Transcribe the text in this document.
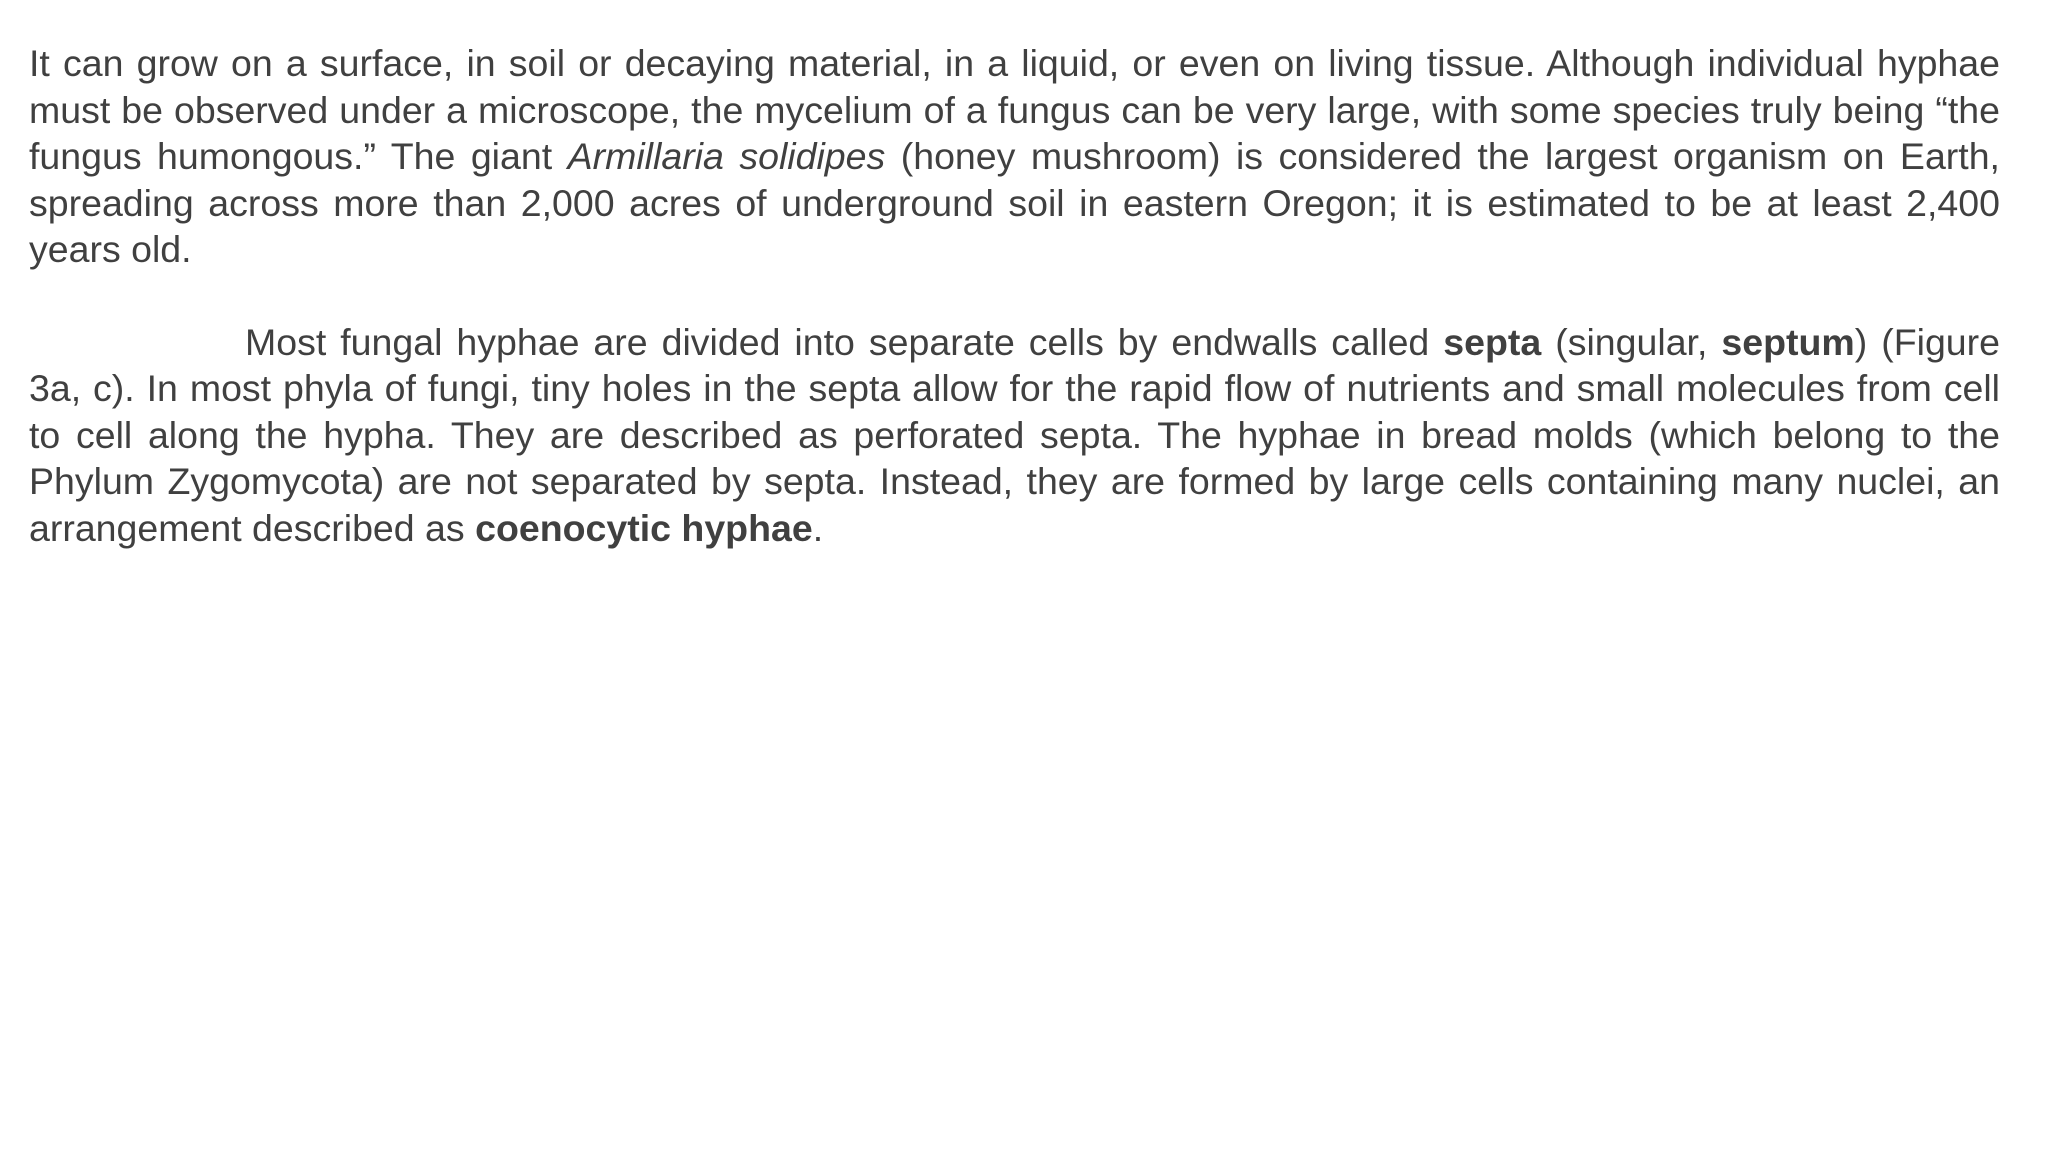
It can grow on a surface, in soil or decaying material, in a liquid, or even on living tissue. Although individual hyphae must be observed under a microscope, the mycelium of a fungus can be very large, with some species truly being “the fungus humongous.” The giant Armillaria solidipes (honey mushroom) is considered the largest organism on Earth, spreading across more than 2,000 acres of underground soil in eastern Oregon; it is estimated to be at least 2,400 years old.

Most fungal hyphae are divided into separate cells by endwalls called septa (singular, septum) (Figure 3a, c). In most phyla of fungi, tiny holes in the septa allow for the rapid flow of nutrients and small molecules from cell to cell along the hypha. They are described as perforated septa. The hyphae in bread molds (which belong to the Phylum Zygomycota) are not separated by septa. Instead, they are formed by large cells containing many nuclei, an arrangement described as coenocytic hyphae.
